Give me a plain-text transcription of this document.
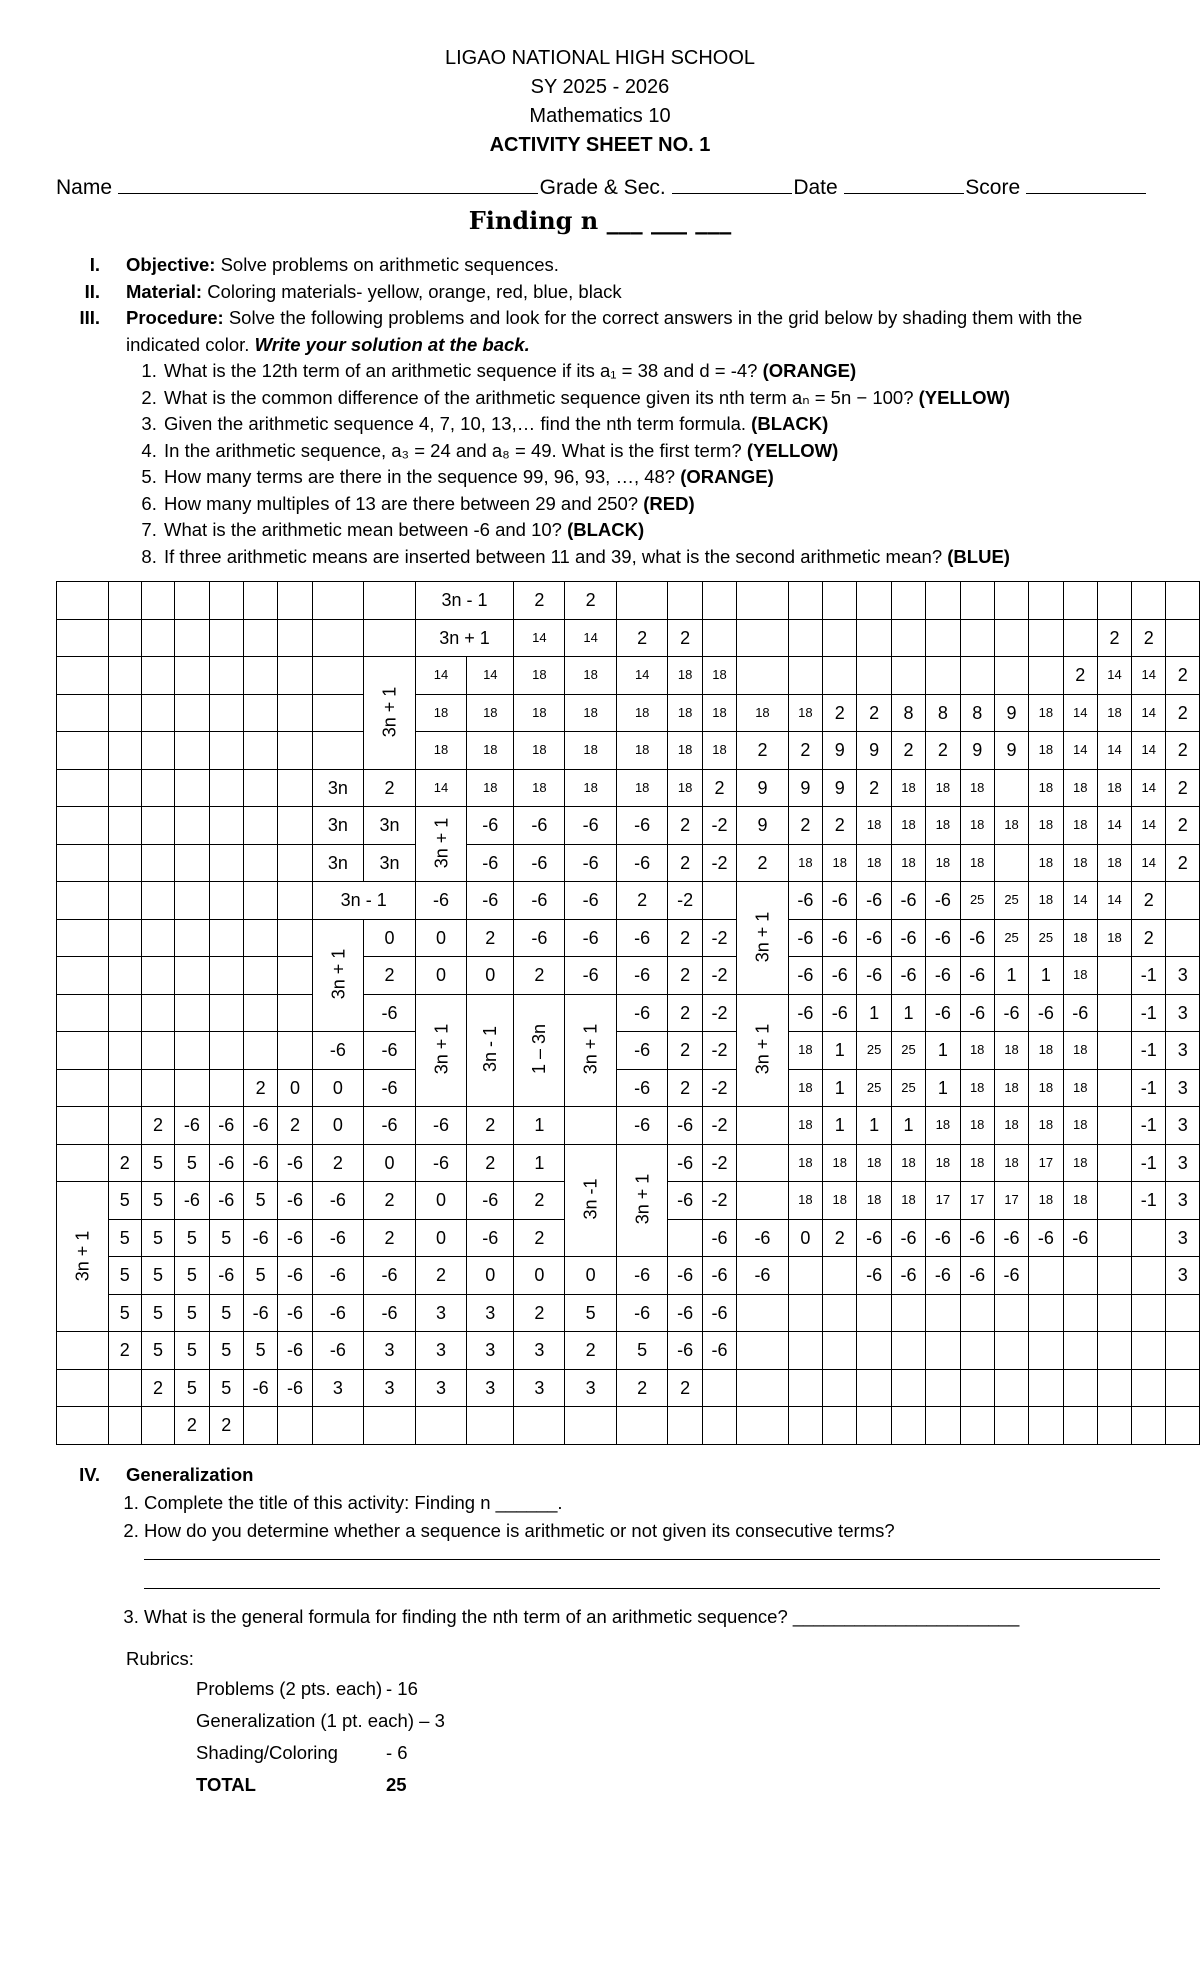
LIGAO NATIONAL HIGH SCHOOL
SY 2025 - 2026
Mathematics 10
ACTIVITY SHEET NO. 1
Name	Grade & Sec.	Date	Score
Finding n ___ ___ ___
I. Objective: Solve problems on arithmetic sequences.
II. Material: Coloring materials- yellow, orange, red, blue, black
III. Procedure: Solve the following problems and look for the correct answers in the grid below by shading them with the indicated color. Write your solution at the back.
1. What is the 12th term of an arithmetic sequence if its a₁ = 38 and d = -4? (ORANGE)
2. What is the common difference of the arithmetic sequence given its nth term aₙ = 5n − 100? (YELLOW)
3. Given the arithmetic sequence 4, 7, 10, 13,… find the nth term formula. (BLACK)
4. In the arithmetic sequence, a₃ = 24 and a₈ = 49. What is the first term? (YELLOW)
5. How many terms are there in the sequence 99, 96, 93, …, 48? (ORANGE)
6. How many multiples of 13 are there between 29 and 250? (RED)
7. What is the arithmetic mean between -6 and 10? (BLACK)
8. If three arithmetic means are inserted between 11 and 39, what is the second arithmetic mean? (BLUE)
									3n - 1		2	2																
									3n + 1		14	14	2	2												2	2	
								3n + 1	14	14	18	18	14	18	18										2	14	14	2
									18	18	18	18	18	18	18	18	18	2	2	8	8	8	9	18	14	18	14	2
									18	18	18	18	18	18	18	2	2	9	9	2	2	9	9	18	14	14	14	2
							3n	2	14	18	18	18	18	18	2	9	9	9	2	18	18	18		18	18	18	14	2
							3n	3n	3n + 1	-6	-6	-6	-6	2	-2	9	2	2	18	18	18	18	18	18	18	14	14	2
							3n	3n		-6	-6	-6	-6	2	-2	2	18	18	18	18	18	18		18	18	18	14	2
							3n - 1		-6	-6	-6	-6	2	-2		3n + 1	-6	-6	-6	-6	-6	25	25	18	14	14	2	
							3n + 1	0	0	2	-6	-6	-6	2	-2		-6	-6	-6	-6	-6	-6	25	25	18	18	2	
								2	0	0	2	-6	-6	2	-2		-6	-6	-6	-6	-6	-6	1	1	18		-1	3
								-6	3n + 1	3n - 1	1 – 3n	3n + 1	-6	2	-2	3n + 1	-6	-6	1	1	-6	-6	-6	-6	-6		-1	3
							-6	-6					-6	2	-2		18	1	25	25	1	18	18	18	18		-1	3
					2	0	0	-6					-6	2	-2		18	1	25	25	1	18	18	18	18		-1	3
		2	-6	-6	-6	2	0	-6	-6	2	1		-6	-6	-2		18	1	1	1	18	18	18	18	18		-1	3
	2	5	5	-6	-6	-6	2	0	-6	2	1	3n -1	3n + 1	-6	-2		18	18	18	18	18	18	18	17	18		-1	3
3n + 1	5	5	-6	-6	5	-6	-6	2	0	-6	2			-6	-2		18	18	18	18	17	17	17	18	18		-1	3
	5	5	5	5	-6	-6	-6	2	0	-6	2				-6	-6	0	2	-6	-6	-6	-6	-6	-6	-6			3
	5	5	5	-6	5	-6	-6	-6	2	0	0	0	-6	-6	-6	-6			-6	-6	-6	-6	-6					3
	5	5	5	5	-6	-6	-6	-6	3	3	2	5	-6	-6	-6													
	2	5	5	5	5	-6	-6	3	3	3	3	2	5	-6	-6													
		2	5	5	-6	-6	3	3	3	3	3	3	2	2														
			2	2																								
IV. Generalization
1. Complete the title of this activity: Finding n ______.
2. How do you determine whether a sequence is arithmetic or not given its consecutive terms?
3. What is the general formula for finding the nth term of an arithmetic sequence? ______________________
Rubrics:
Problems (2 pts. each)	- 16
Generalization (1 pt. each) – 3	
Shading/Coloring	- 6
TOTAL	25
